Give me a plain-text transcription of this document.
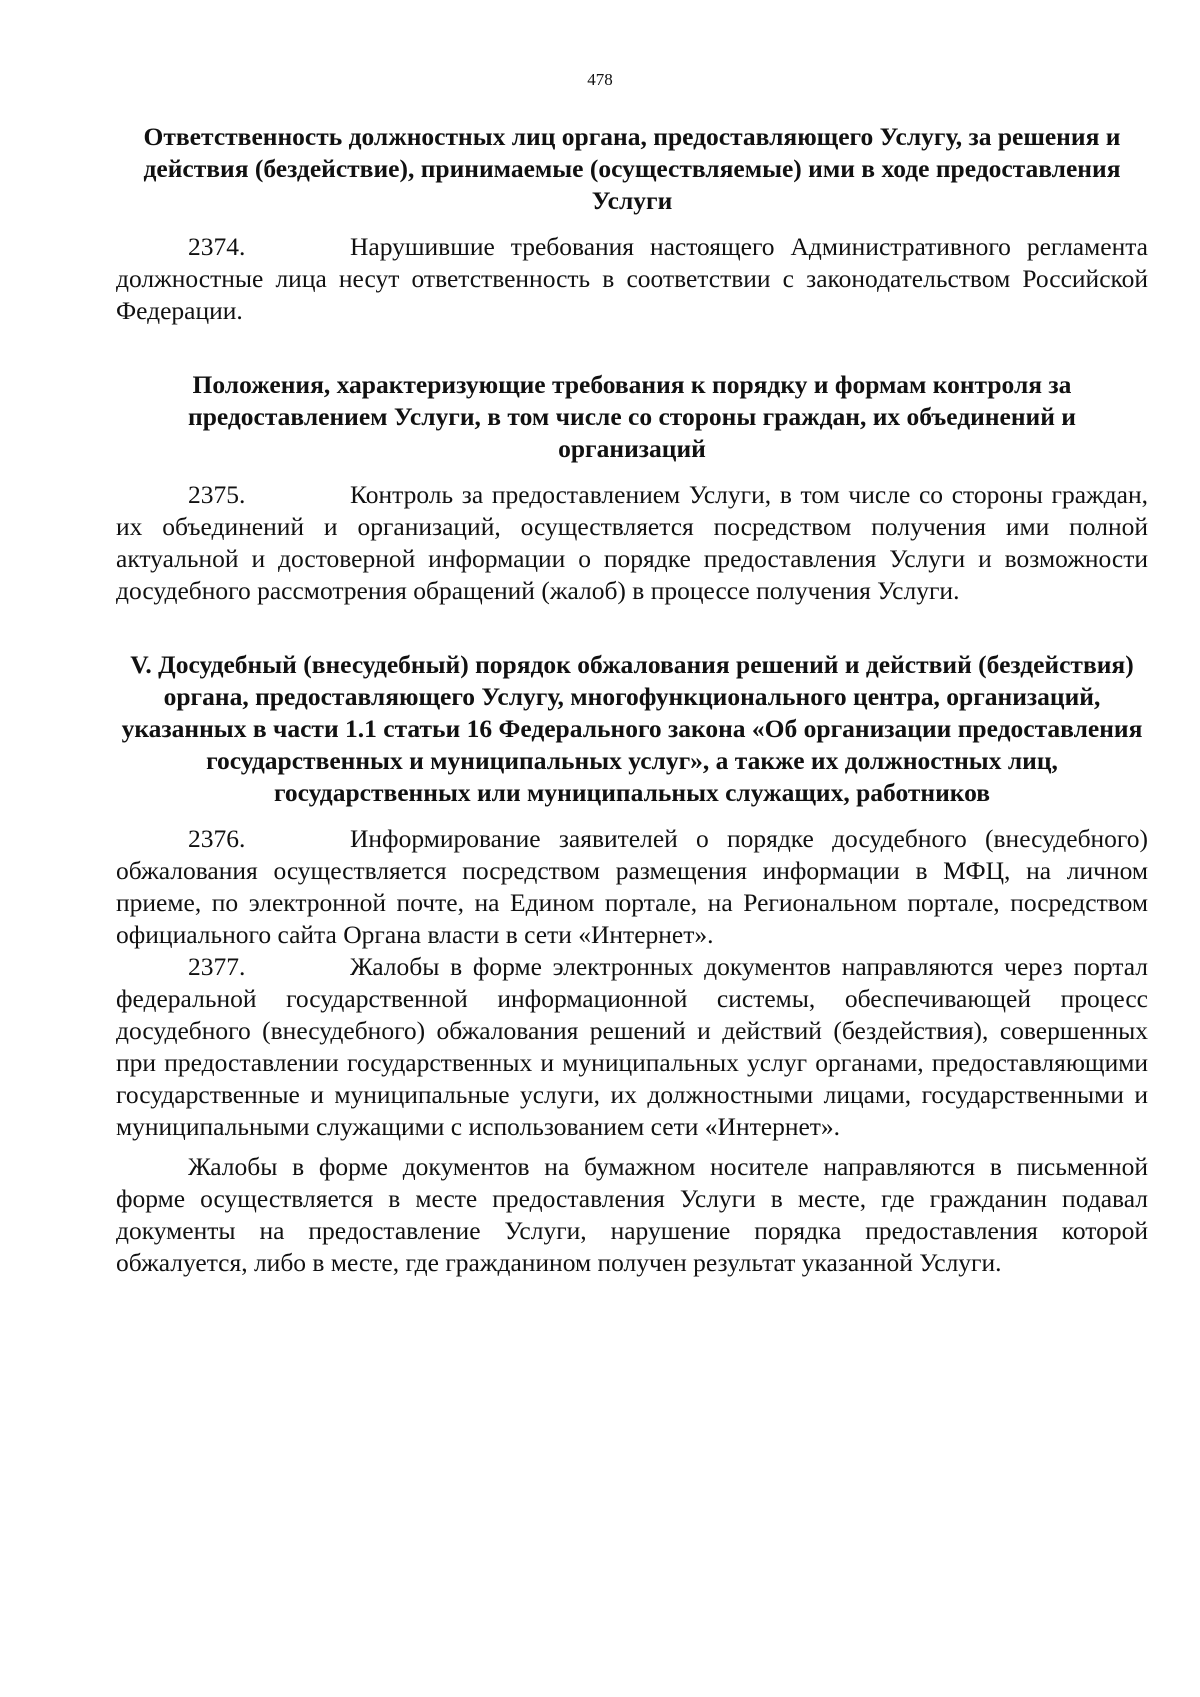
478
Ответственность должностных лиц органа, предоставляющего Услугу, за решения и действия (бездействие), принимаемые (осуществляемые) ими в ходе предоставления Услуги

2374.	Нарушившие требования настоящего Административного регламента должностные лица несут ответственность в соответствии с законодательством Российской Федерации.

Положения, характеризующие требования к порядку и формам контроля за предоставлением Услуги, в том числе со стороны граждан, их объединений и организаций

2375.	Контроль за предоставлением Услуги, в том числе со стороны граждан, их объединений и организаций, осуществляется посредством получения ими полной актуальной и достоверной информации о порядке предоставления Услуги и возможности досудебного рассмотрения обращений (жалоб) в процессе получения Услуги.

V. Досудебный (внесудебный) порядок обжалования решений и действий (бездействия) органа, предоставляющего Услугу, многофункционального центра, организаций, указанных в части 1.1 статьи 16 Федерального закона «Об организации предоставления государственных и муниципальных услуг», а также их должностных лиц, государственных или муниципальных служащих, работников

2376.	Информирование заявителей о порядке досудебного (внесудебного) обжалования осуществляется посредством размещения информации в МФЦ, на личном приеме, по электронной почте, на Едином портале, на Региональном портале, посредством официального сайта Органа власти в сети «Интернет».

2377.	Жалобы в форме электронных документов направляются через портал федеральной государственной информационной системы, обеспечивающей процесс досудебного (внесудебного) обжалования решений и действий (бездействия), совершенных при предоставлении государственных и муниципальных услуг органами, предоставляющими государственные и муниципальные услуги, их должностными лицами, государственными и муниципальными служащими с использованием сети «Интернет».

Жалобы в форме документов на бумажном носителе направляются в письменной форме осуществляется в месте предоставления Услуги в месте, где гражданин подавал документы на предоставление Услуги, нарушение порядка предоставления которой обжалуется, либо в месте, где гражданином получен результат указанной Услуги.
